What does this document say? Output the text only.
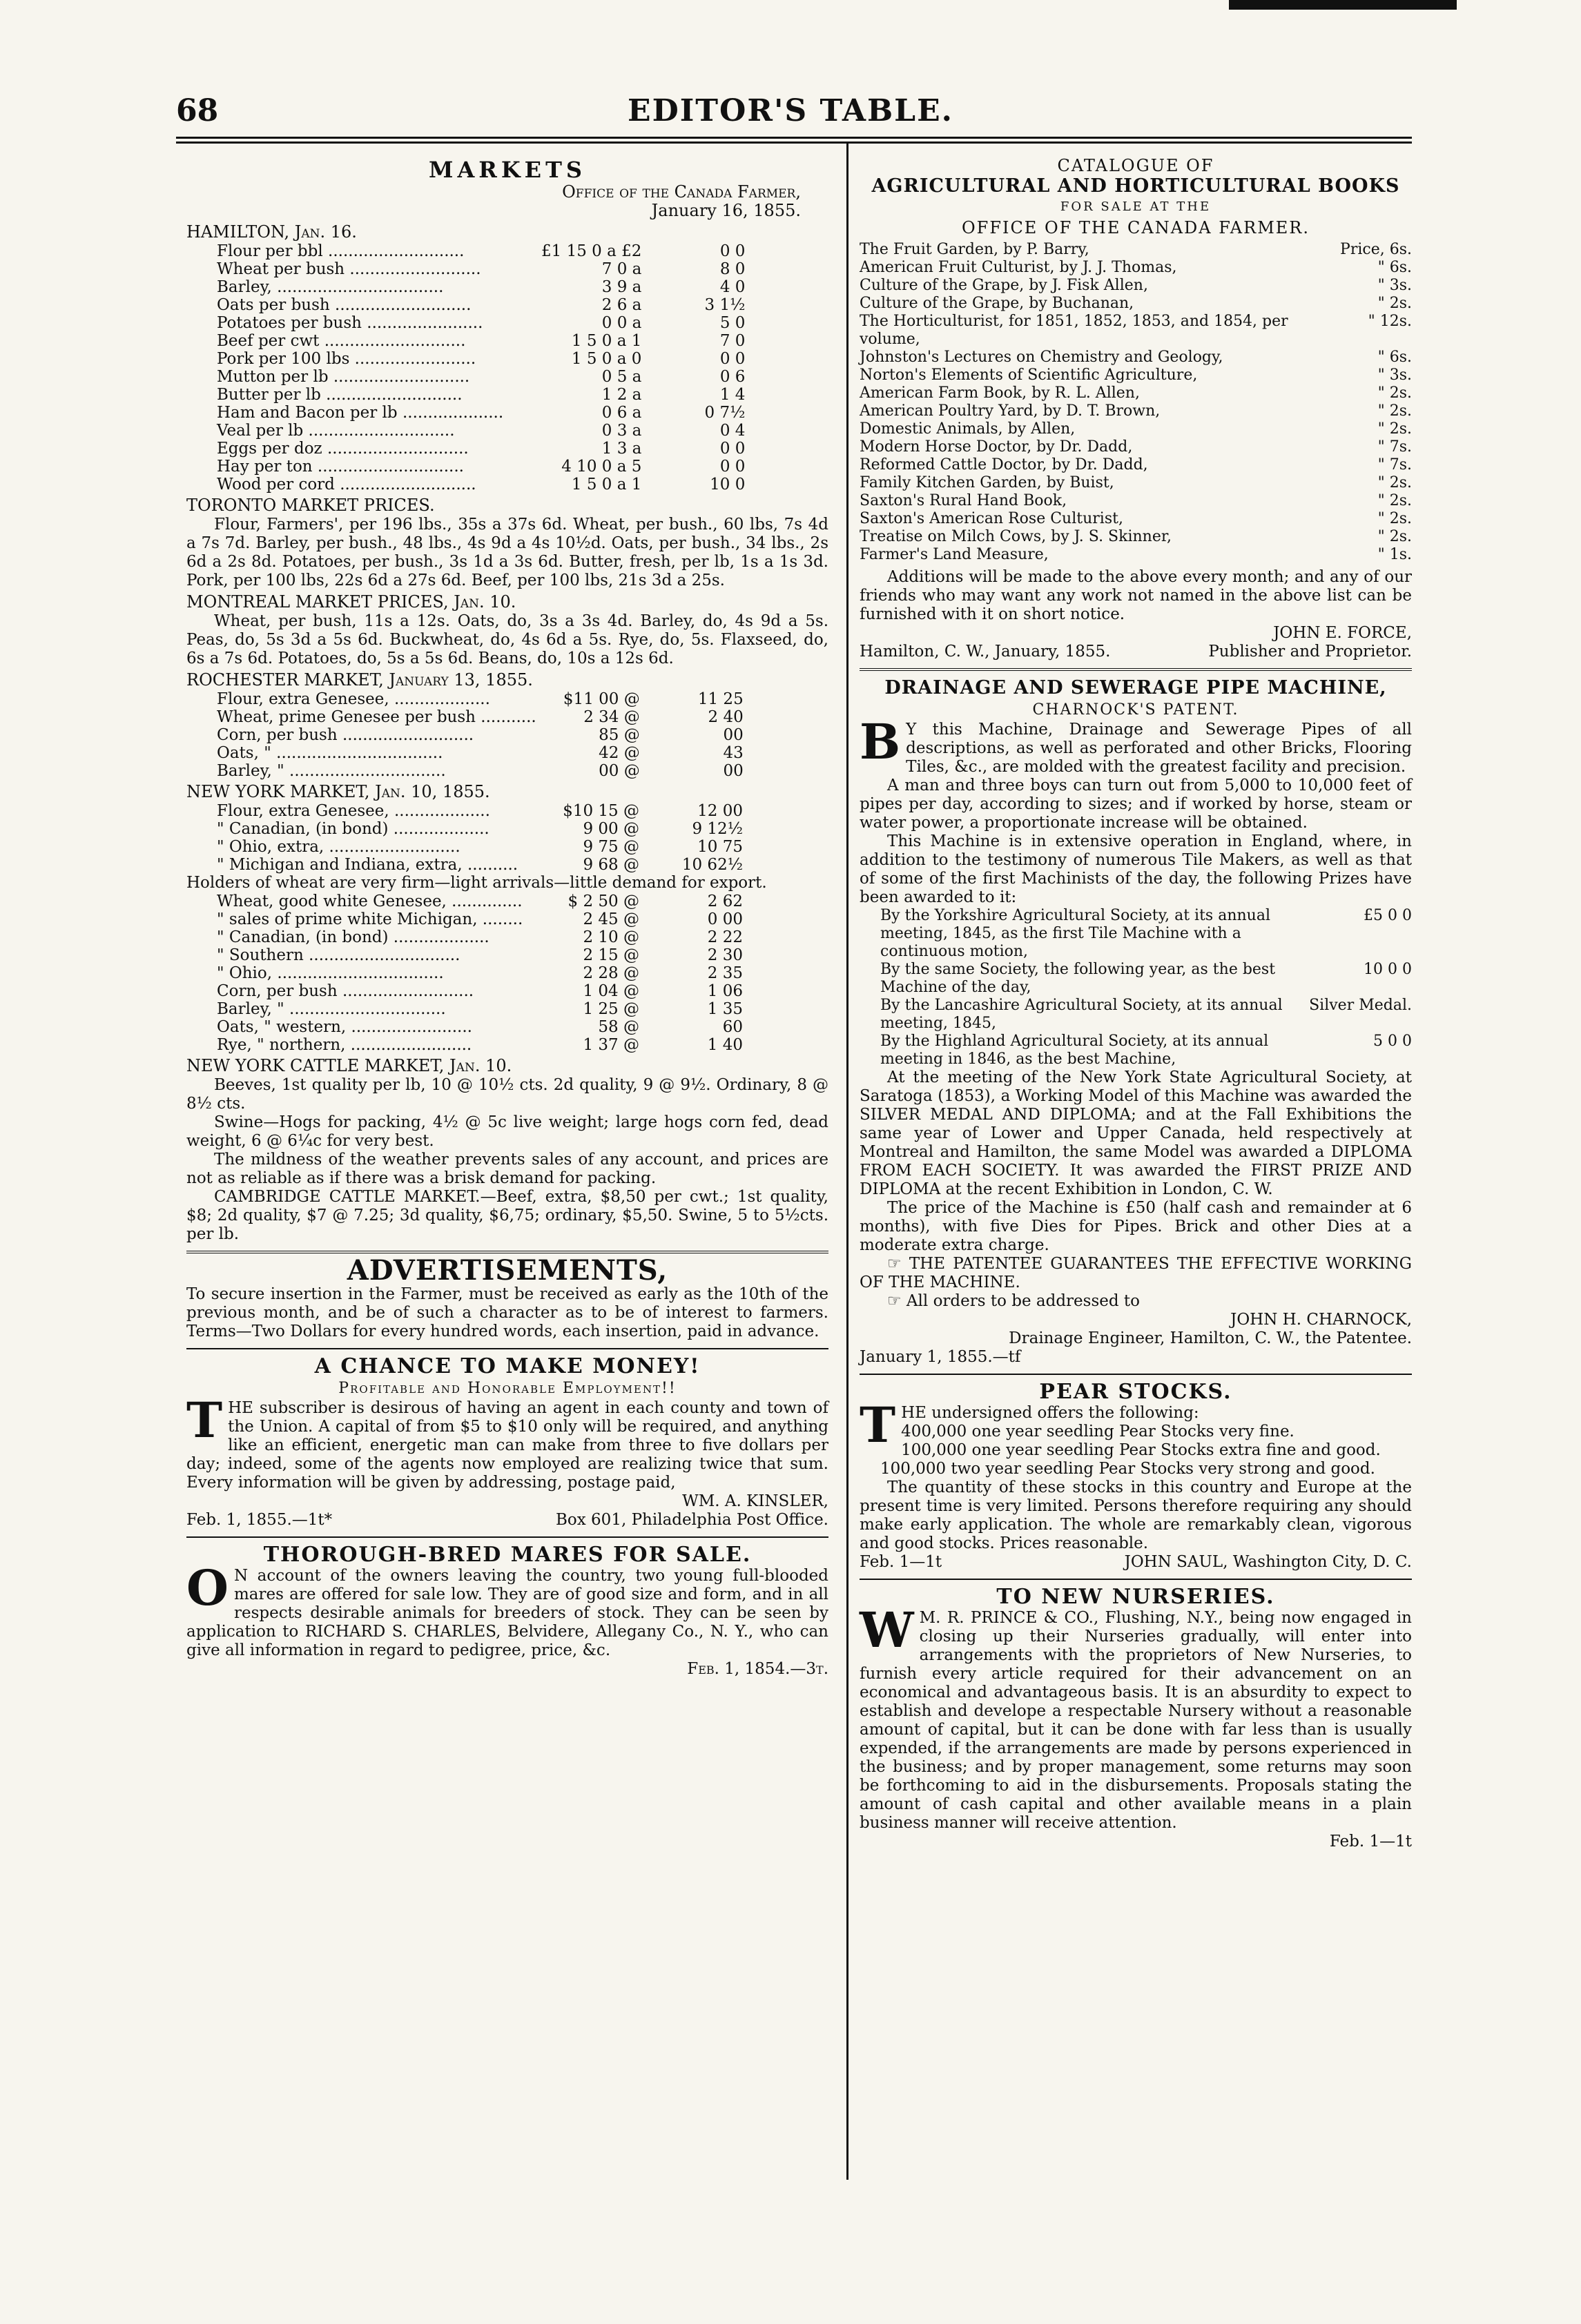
68	EDITOR'S TABLE.
MARKETS
Office of the Canada Farmer,
January 16, 1855.
HAMILTON, Jan. 16.
Flour per bbl ...........................	£1 15 0 a £2	0 0
Wheat per bush ..........................	7 0 a	8 0
Barley, .................................	3 9 a	4 0
Oats per bush ...........................	2 6 a	3 1½
Potatoes per bush .......................	0 0 a	5 0
Beef per cwt ............................	1 5 0 a 1	7 0
Pork per 100 lbs ........................	1 5 0 a 0	0 0
Mutton per lb ...........................	0 5 a	0 6
Butter per lb ...........................	1 2 a	1 4
Ham and Bacon per lb ....................	0 6 a	0 7½
Veal per lb .............................	0 3 a	0 4
Eggs per doz ............................	1 3 a	0 0
Hay per ton .............................	4 10 0 a 5	0 0
Wood per cord ...........................	1 5 0 a 1	10 0
TORONTO MARKET PRICES.
Flour, Farmers', per 196 lbs., 35s a 37s 6d. Wheat, per bush., 60 lbs, 7s 4d a 7s 7d. Barley, per bush., 48 lbs., 4s 9d a 4s 10½d. Oats, per bush., 34 lbs., 2s 6d a 2s 8d. Potatoes, per bush., 3s 1d a 3s 6d. Butter, fresh, per lb, 1s a 1s 3d. Pork, per 100 lbs, 22s 6d a 27s 6d. Beef, per 100 lbs, 21s 3d a 25s.
MONTREAL MARKET PRICES, Jan. 10.
Wheat, per bush, 11s a 12s. Oats, do, 3s a 3s 4d. Barley, do, 4s 9d a 5s. Peas, do, 5s 3d a 5s 6d. Buckwheat, do, 4s 6d a 5s. Rye, do, 5s. Flaxseed, do, 6s a 7s 6d. Potatoes, do, 5s a 5s 6d. Beans, do, 10s a 12s 6d.
ROCHESTER MARKET, January 13, 1855.
Flour, extra Genesee, ...................	$11 00 @	11 25
Wheat, prime Genesee per bush ...........	2 34 @	2 40
Corn, per bush ..........................	85 @	00
Oats, " .................................	42 @	43
Barley, " ...............................	00 @	00
NEW YORK MARKET, Jan. 10, 1855.
Flour, extra Genesee, ...................	$10 15 @	12 00
" Canadian, (in bond) ...................	9 00 @	9 12½
" Ohio, extra, ..........................	9 75 @	10 75
" Michigan and Indiana, extra, ..........	9 68 @	10 62½
Holders of wheat are very firm—light arrivals—little demand for export.
Wheat, good white Genesee, ..............	$ 2 50 @	2 62
" sales of prime white Michigan, ........	2 45 @	0 00
" Canadian, (in bond) ...................	2 10 @	2 22
" Southern ..............................	2 15 @	2 30
" Ohio, .................................	2 28 @	2 35
Corn, per bush ..........................	1 04 @	1 06
Barley, " ...............................	1 25 @	1 35
Oats, " western, ........................	58 @	60
Rye, " northern, ........................	1 37 @	1 40
NEW YORK CATTLE MARKET, Jan. 10.
Beeves, 1st quality per lb, 10 @ 10½ cts. 2d quality, 9 @ 9½. Ordinary, 8 @ 8½ cts.
Swine—Hogs for packing, 4½ @ 5c live weight; large hogs corn fed, dead weight, 6 @ 6¼c for very best.
The mildness of the weather prevents sales of any account, and prices are not as reliable as if there was a brisk demand for packing.
CAMBRIDGE CATTLE MARKET.—Beef, extra, $8,50 per cwt.; 1st quality, $8; 2d quality, $7 @ 7.25; 3d quality, $6,75; ordinary, $5,50. Swine, 5 to 5½cts. per lb.
ADVERTISEMENTS,
To secure insertion in the Farmer, must be received as early as the 10th of the previous month, and be of such a character as to be of interest to farmers. Terms—Two Dollars for every hundred words, each insertion, paid in advance.
A CHANCE TO MAKE MONEY!
Profitable and Honorable Employment!!
T HE subscriber is desirous of having an agent in each county and town of the Union. A capital of from $5 to $10 only will be required, and anything like an efficient, energetic man can make from three to five dollars per day; indeed, some of the agents now employed are realizing twice that sum. Every information will be given by addressing, postage paid,
WM. A. KINSLER,
Feb. 1, 1855.—1t*	Box 601, Philadelphia Post Office.
THOROUGH-BRED MARES FOR SALE.
O N account of the owners leaving the country, two young full-blooded mares are offered for sale low. They are of good size and form, and in all respects desirable animals for breeders of stock. They can be seen by application to RICHARD S. CHARLES, Belvidere, Allegany Co., N. Y., who can give all information in regard to pedigree, price, &c.
Feb. 1, 1854.—3t.
CATALOGUE OF
AGRICULTURAL AND HORTICULTURAL BOOKS
FOR SALE AT THE
OFFICE OF THE CANADA FARMER.
The Fruit Garden, by P. Barry,	Price, 6s.
American Fruit Culturist, by J. J. Thomas,	" 6s.
Culture of the Grape, by J. Fisk Allen,	" 3s.
Culture of the Grape, by Buchanan,	" 2s.
The Horticulturist, for 1851, 1852, 1853, and 1854, per volume,	" 12s.
Johnston's Lectures on Chemistry and Geology,	" 6s.
Norton's Elements of Scientific Agriculture,	" 3s.
American Farm Book, by R. L. Allen,	" 2s.
American Poultry Yard, by D. T. Brown,	" 2s.
Domestic Animals, by Allen,	" 2s.
Modern Horse Doctor, by Dr. Dadd,	" 7s.
Reformed Cattle Doctor, by Dr. Dadd,	" 7s.
Family Kitchen Garden, by Buist,	" 2s.
Saxton's Rural Hand Book,	" 2s.
Saxton's American Rose Culturist,	" 2s.
Treatise on Milch Cows, by J. S. Skinner,	" 2s.
Farmer's Land Measure,	" 1s.
Additions will be made to the above every month; and any of our friends who may want any work not named in the above list can be furnished with it on short notice.
JOHN E. FORCE,
Hamilton, C. W., January, 1855.	Publisher and Proprietor.
DRAINAGE AND SEWERAGE PIPE MACHINE,
CHARNOCK'S PATENT.
B Y this Machine, Drainage and Sewerage Pipes of all descriptions, as well as perforated and other Bricks, Flooring Tiles, &c., are molded with the greatest facility and precision.
A man and three boys can turn out from 5,000 to 10,000 feet of pipes per day, according to sizes; and if worked by horse, steam or water power, a proportionate increase will be obtained.
This Machine is in extensive operation in England, where, in addition to the testimony of numerous Tile Makers, as well as that of some of the first Machinists of the day, the following Prizes have been awarded to it:
By the Yorkshire Agricultural Society, at its annual meeting, 1845, as the first Tile Machine with a continuous motion,	£5 0 0
By the same Society, the following year, as the best Machine of the day,	10 0 0
By the Lancashire Agricultural Society, at its annual meeting, 1845,	Silver Medal.
By the Highland Agricultural Society, at its annual meeting in 1846, as the best Machine,	5 0 0
At the meeting of the New York State Agricultural Society, at Saratoga (1853), a Working Model of this Machine was awarded the SILVER MEDAL AND DIPLOMA; and at the Fall Exhibitions the same year of Lower and Upper Canada, held respectively at Montreal and Hamilton, the same Model was awarded a DIPLOMA FROM EACH SOCIETY. It was awarded the FIRST PRIZE AND DIPLOMA at the recent Exhibition in London, C. W.
The price of the Machine is £50 (half cash and remainder at 6 months), with five Dies for Pipes. Brick and other Dies at a moderate extra charge.
☞ THE PATENTEE GUARANTEES THE EFFECTIVE WORKING OF THE MACHINE.
☞ All orders to be addressed to
JOHN H. CHARNOCK,
Drainage Engineer, Hamilton, C. W., the Patentee.
January 1, 1855.—tf
PEAR STOCKS.
T HE undersigned offers the following:
400,000 one year seedling Pear Stocks very fine.
100,000 one year seedling Pear Stocks extra fine and good.
100,000 two year seedling Pear Stocks very strong and good.
The quantity of these stocks in this country and Europe at the present time is very limited. Persons therefore requiring any should make early application. The whole are remarkably clean, vigorous and good stocks. Prices reasonable.
Feb. 1—1t	JOHN SAUL, Washington City, D. C.
TO NEW NURSERIES.
W M. R. PRINCE & CO., Flushing, N.Y., being now engaged in closing up their Nurseries gradually, will enter into arrangements with the proprietors of New Nurseries, to furnish every article required for their advancement on an economical and advantageous basis. It is an absurdity to expect to establish and develope a respectable Nursery without a reasonable amount of capital, but it can be done with far less than is usually expended, if the arrangements are made by persons experienced in the business; and by proper management, some returns may soon be forthcoming to aid in the disbursements. Proposals stating the amount of cash capital and other available means in a plain business manner will receive attention.
Feb. 1—1t
